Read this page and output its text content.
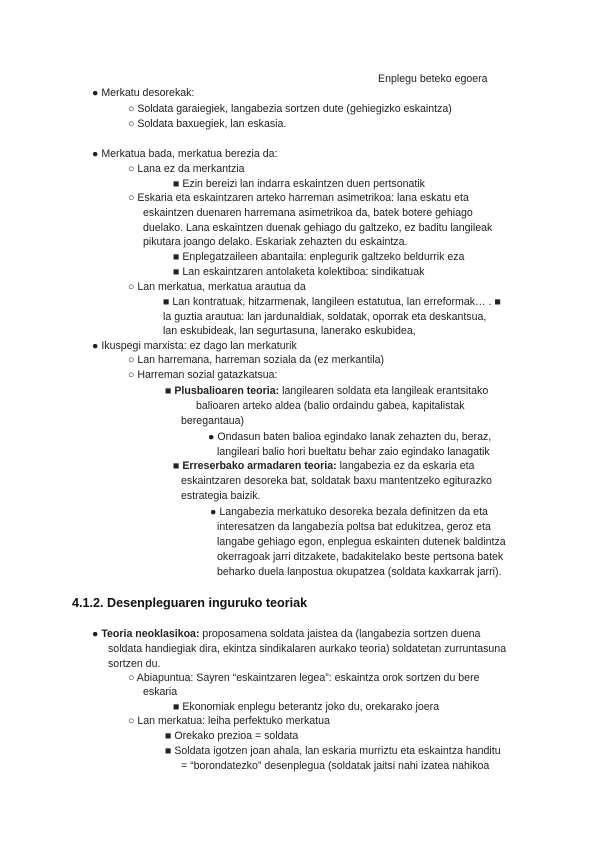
Enplegu beteko egoera
● Merkatu desorekak:
○ Soldata garaiegiek, langabezia sortzen dute (gehiegizko eskaintza)
○ Soldata baxuegiek, lan eskasia.
● Merkatua bada, merkatua berezia da:
○ Lana ez da merkantzia
■ Ezin bereizi lan indarra eskaintzen duen pertsonatik
○ Eskaria eta eskaintzaren arteko harreman asimetrikoa: lana eskatu eta
eskaintzen duenaren harremana asimetrikoa da, batek botere gehiago
duelako. Lana eskaintzen duenak gehiago du galtzeko, ez baditu langileak
pikutara joango delako. Eskariak zehazten du eskaintza.
■ Enplegatzaileen abantaila: enplegurik galtzeko beldurrik eza
■ Lan eskaintzaren antolaketa kolektiboa: sindikatuak
○ Lan merkatua, merkatua arautua da
■ Lan kontratuak, hitzarmenak, langileen estatutua, lan erreformak… . ■
la guztia arautua: lan jardunaldiak, soldatak, oporrak eta deskantsua,
lan eskubideak, lan segurtasuna, lanerako eskubidea,
● Ikuspegi marxista: ez dago lan merkaturik
○ Lan harremana, harreman soziala da (ez merkantila)
○ Harreman sozial gatazkatsua:
■ Plusbalioaren teoria: langilearen soldata eta langileak erantsitako
balioaren arteko aldea (balio ordaindu gabea, kapitalistak
beregantaua)
● Ondasun baten balioa egindako lanak zehazten du, beraz,
langileari balio hori bueltatu behar zaio egindako lanagatik
■ Erreserbako armadaren teoria: langabezia ez da eskaria eta
eskaintzaren desoreka bat, soldatak baxu mantentzeko egiturazko
estrategia baizik.
● Langabezia merkatuko desoreka bezala definitzen da eta
interesatzen da langabezia poltsa bat edukitzea, geroz eta
langabe gehiago egon, enplegua eskainten dutenek baldintza
okerragoak jarri ditzakete, badakitelako beste pertsona batek
beharko duela lanpostua okupatzea (soldata kaxkarrak jarri).
4.1.2. Desenpleguaren inguruko teoriak
● Teoria neoklasikoa: proposamena soldata jaistea da (langabezia sortzen duena
soldata handiegiak dira, ekintza sindikalaren aurkako teoria) soldatetan zurruntasuna
sortzen du.
○ Abiapuntua: Sayren “eskaintzaren legea”: eskaintza orok sortzen du bere
eskaria
■ Ekonomiak enplegu beterantz joko du, orekarako joera
○ Lan merkatua: leiha perfektuko merkatua
■ Orekako prezioa = soldata
■ Soldata igotzen joan ahala, lan eskaria murriztu eta eskaintza handitu
= “borondatezko” desenplegua (soldatak jaitsi nahi izatea nahikoa
